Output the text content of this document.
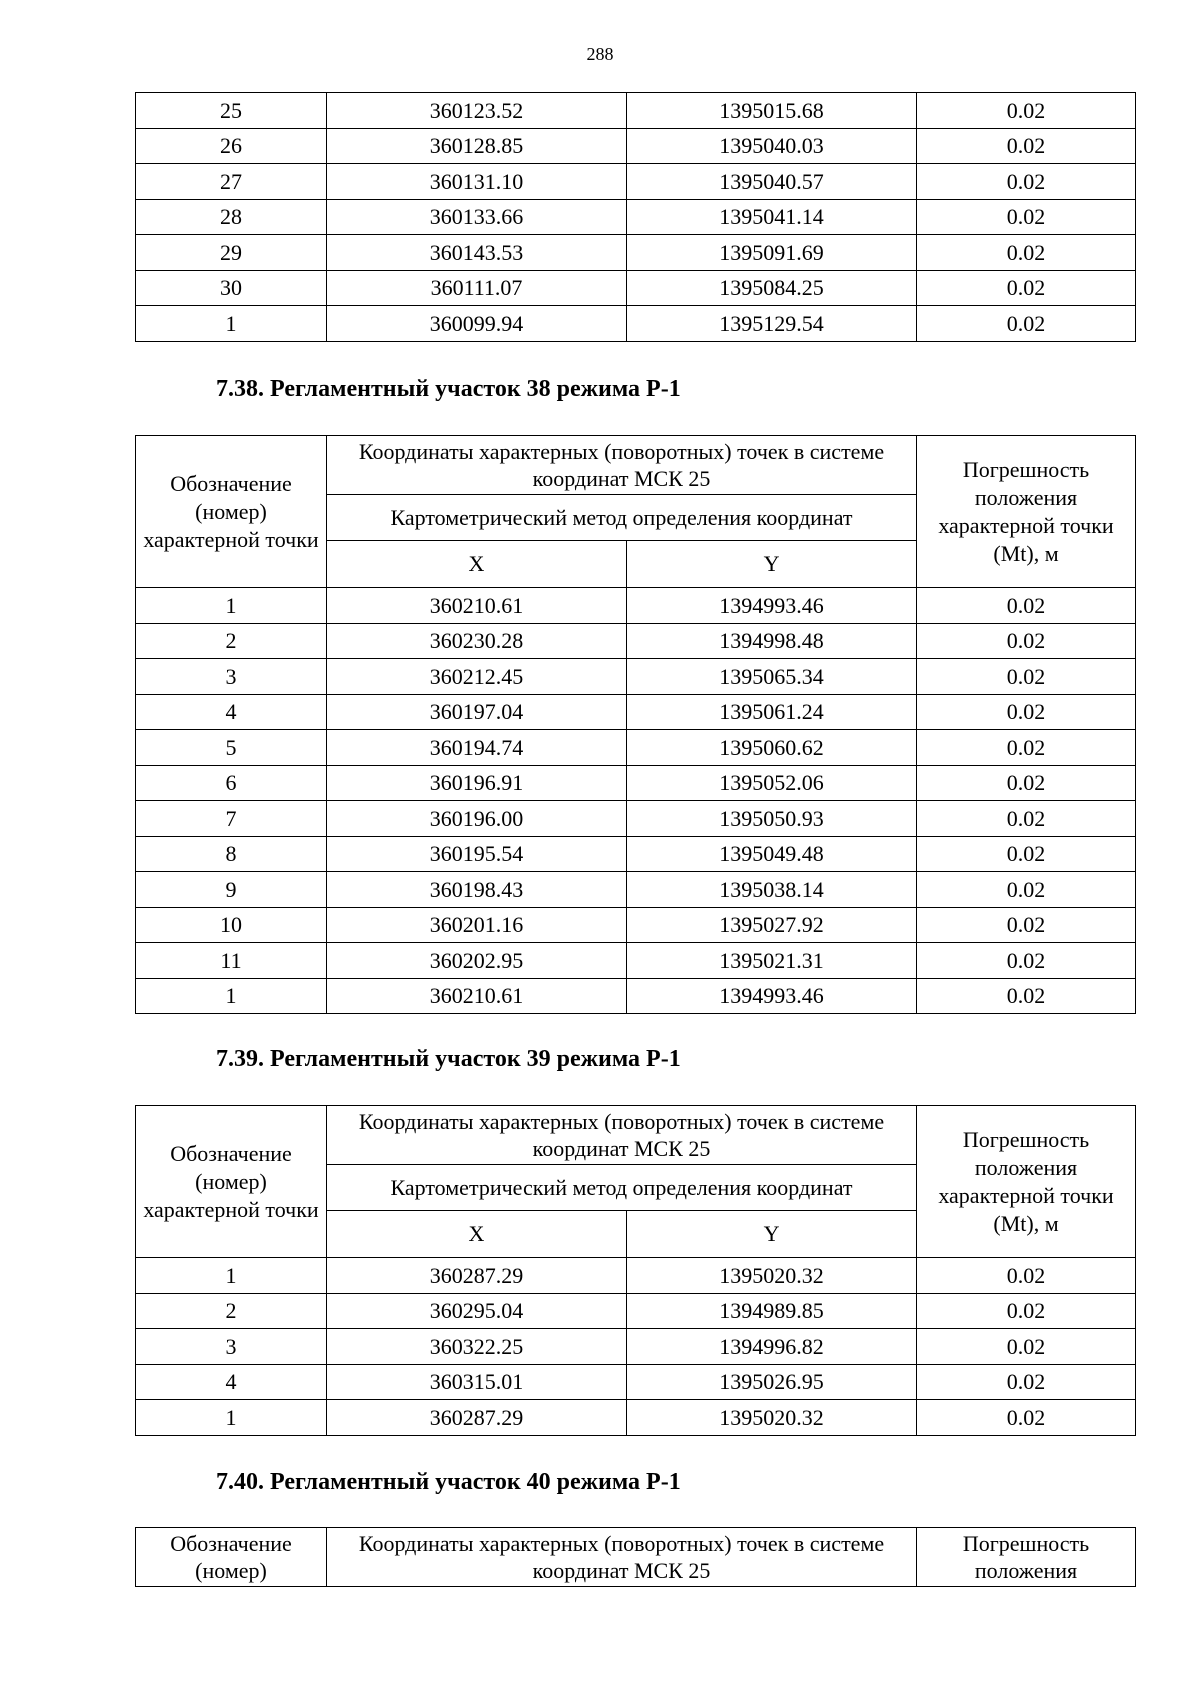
288
25	360123.52	1395015.68	0.02
26	360128.85	1395040.03	0.02
27	360131.10	1395040.57	0.02
28	360133.66	1395041.14	0.02
29	360143.53	1395091.69	0.02
30	360111.07	1395084.25	0.02
1	360099.94	1395129.54	0.02
7.38. Регламентный участок 38 режима Р-1
Обозначение (номер) характерной точки	Координаты характерных (поворотных) точек в системе координат МСК 25		Погрешность положения характерной точки (Mt), м
	Картометрический метод определения координат		
	X	Y	
1	360210.61	1394993.46	0.02
2	360230.28	1394998.48	0.02
3	360212.45	1395065.34	0.02
4	360197.04	1395061.24	0.02
5	360194.74	1395060.62	0.02
6	360196.91	1395052.06	0.02
7	360196.00	1395050.93	0.02
8	360195.54	1395049.48	0.02
9	360198.43	1395038.14	0.02
10	360201.16	1395027.92	0.02
11	360202.95	1395021.31	0.02
1	360210.61	1394993.46	0.02
7.39. Регламентный участок 39 режима Р-1
Обозначение (номер) характерной точки	Координаты характерных (поворотных) точек в системе координат МСК 25		Погрешность положения характерной точки (Mt), м
	Картометрический метод определения координат		
	X	Y	
1	360287.29	1395020.32	0.02
2	360295.04	1394989.85	0.02
3	360322.25	1394996.82	0.02
4	360315.01	1395026.95	0.02
1	360287.29	1395020.32	0.02
7.40. Регламентный участок 40 режима Р-1
Обозначение (номер)	Координаты характерных (поворотных) точек в системе координат МСК 25	Погрешность положения
